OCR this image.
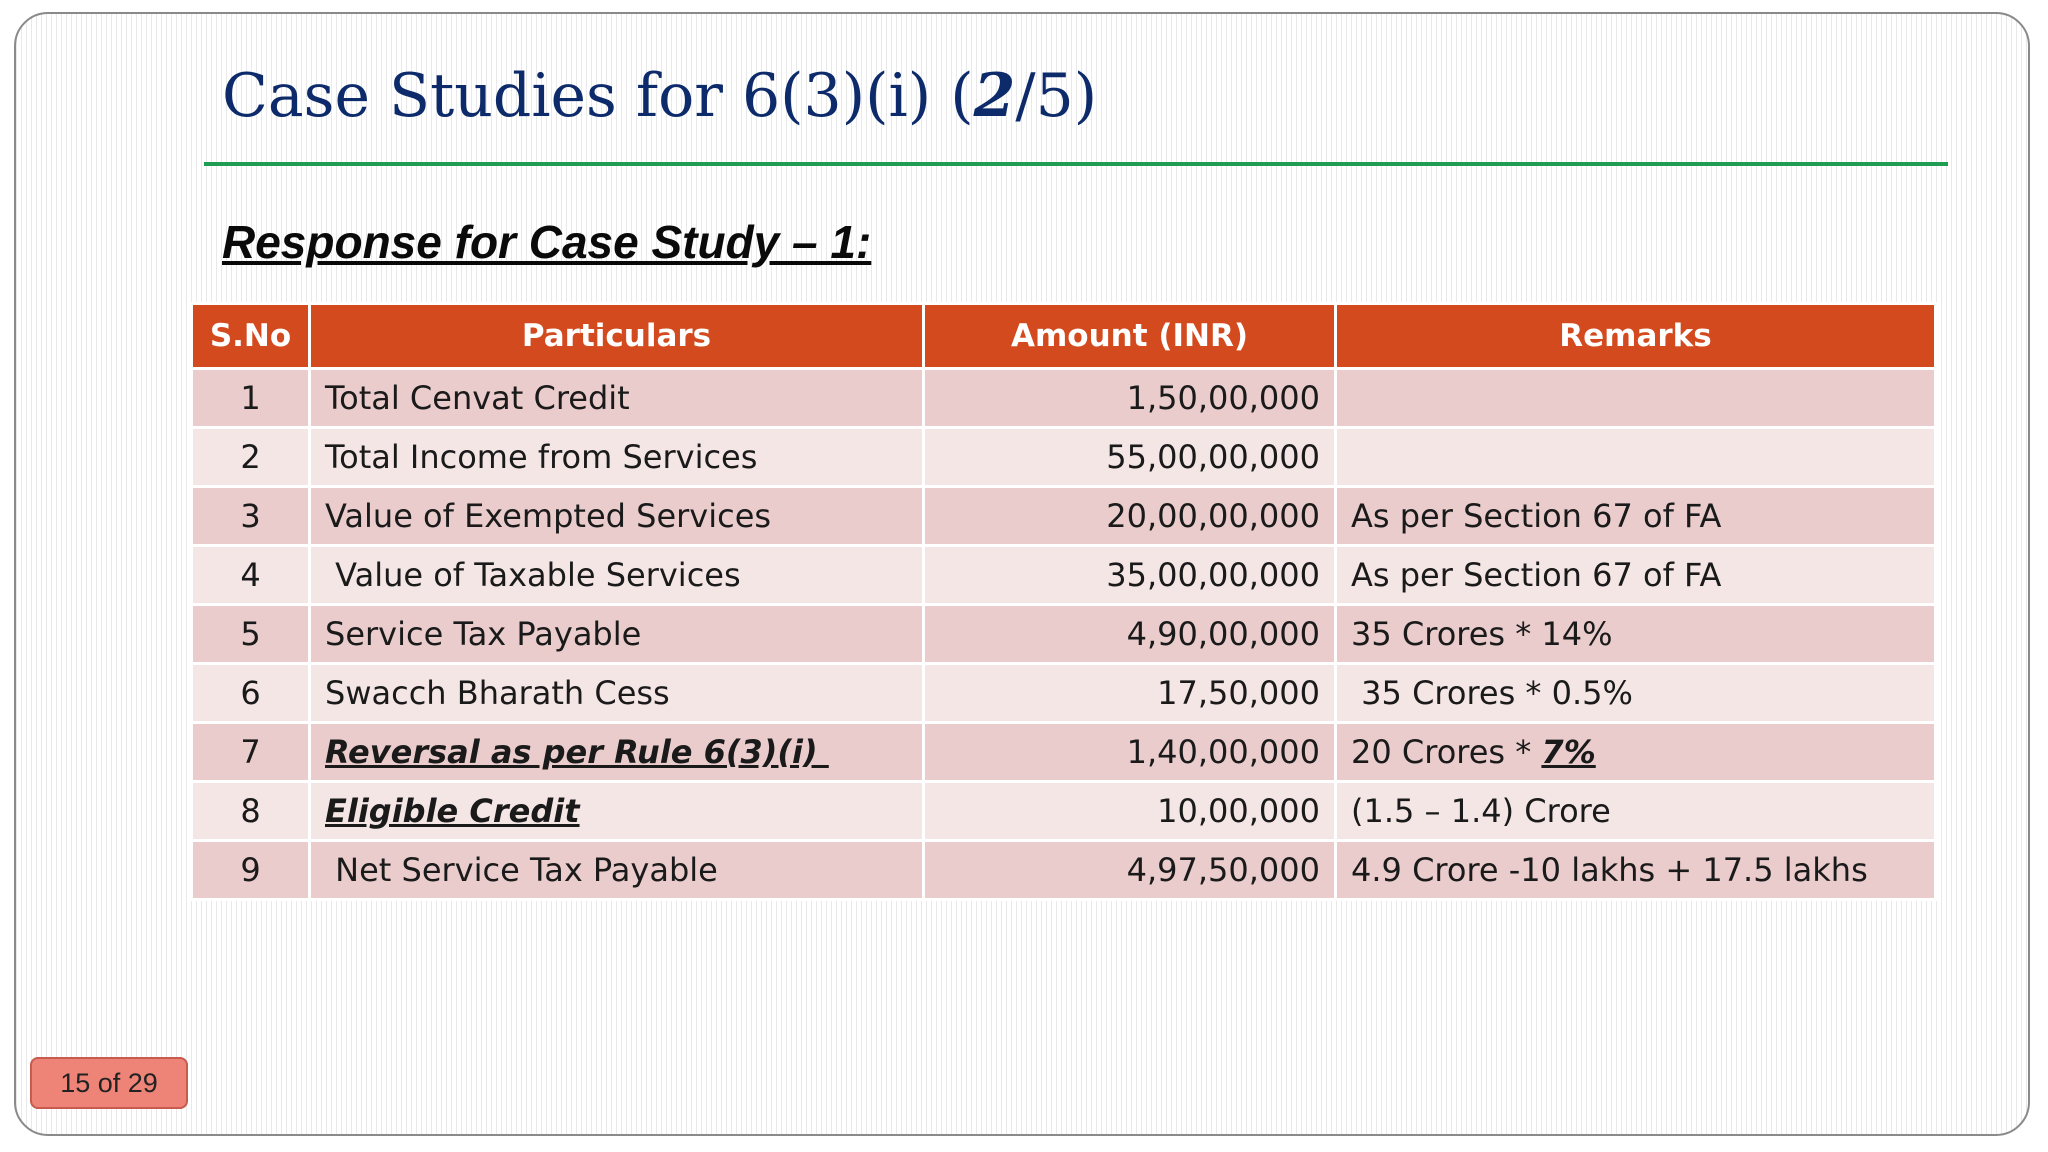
Case Studies for 6(3)(i) (2/5)
Response for Case Study – 1:
S.No	Particulars	Amount (INR)	Remarks
1	Total Cenvat Credit	1,50,00,000	
2	Total Income from Services	55,00,00,000	
3	Value of Exempted Services	20,00,00,000	As per Section 67 of FA
4	Value of Taxable Services	35,00,00,000	As per Section 67 of FA
5	Service Tax Payable	4,90,00,000	35 Crores * 14%
6	Swacch Bharath Cess	17,50,000	35 Crores * 0.5%
7	Reversal as per Rule 6(3)(i)	1,40,00,000	20 Crores * 7%
8	Eligible Credit	10,00,000	(1.5 – 1.4) Crore
9	Net Service Tax Payable	4,97,50,000	4.9 Crore -10 lakhs + 17.5 lakhs
15 of 29
